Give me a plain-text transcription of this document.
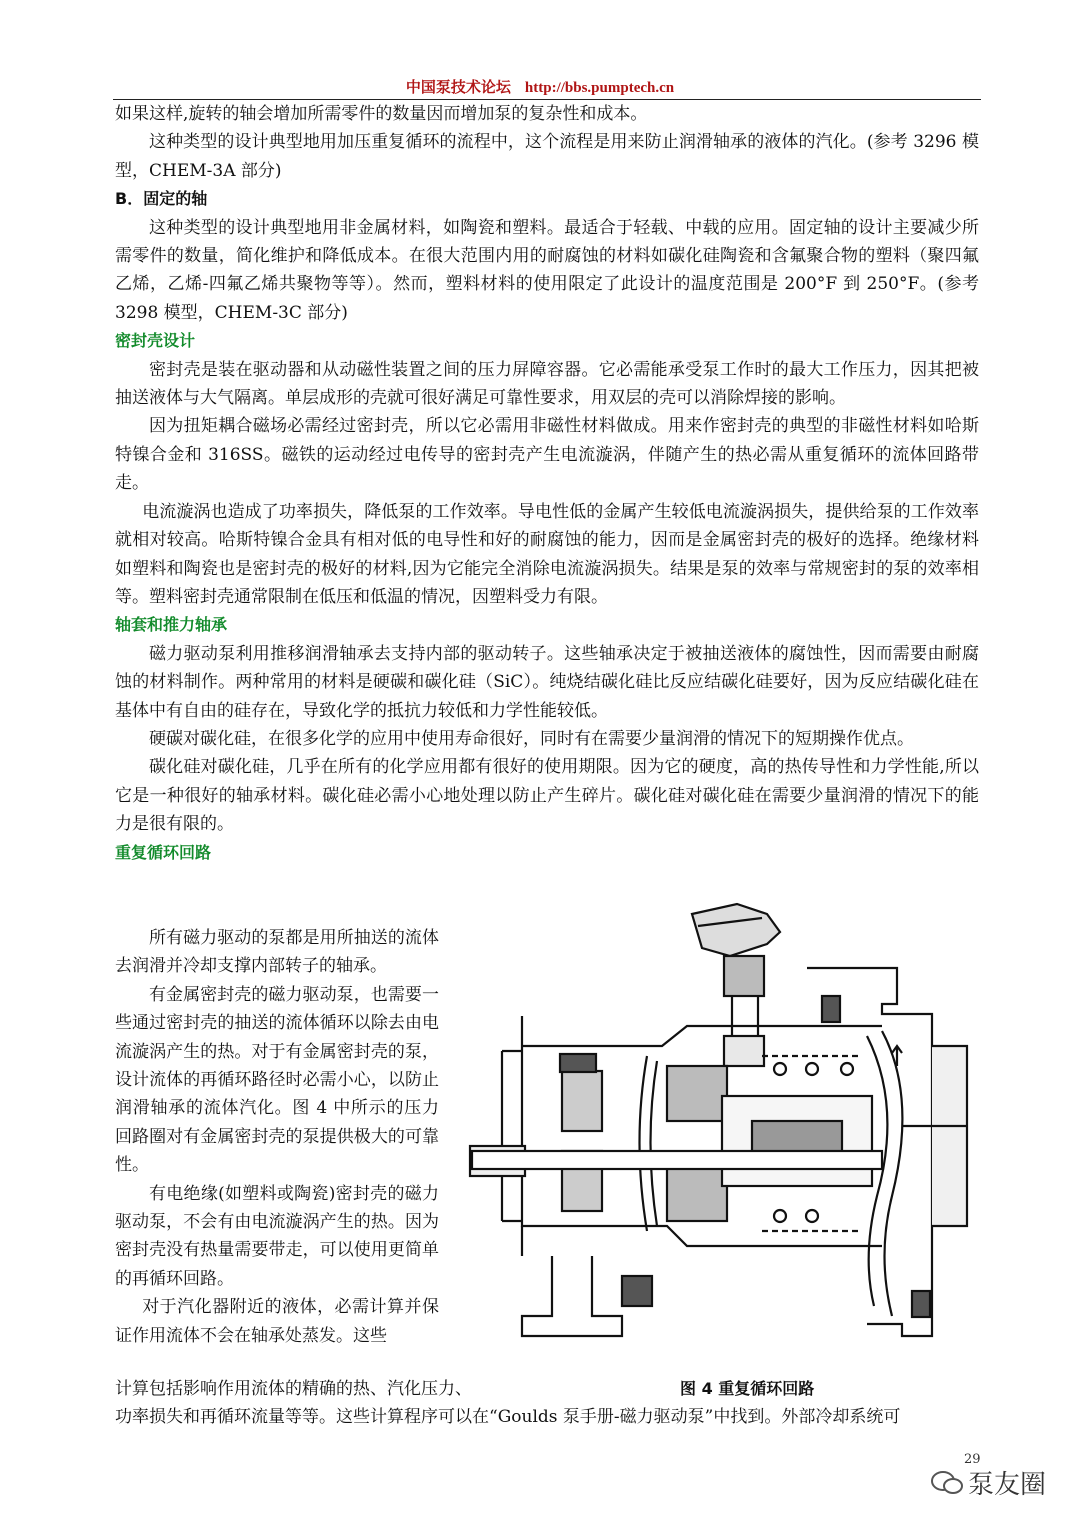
中国泵技术论坛 http://bbs.pumptech.cn

如果这样,旋转的轴会增加所需零件的数量因而增加泵的复杂性和成本。

这种类型的设计典型地用加压重复循环的流程中，这个流程是用来防止润滑轴承的液体的汽化。(参考 3296 模型，CHEM-3A 部分)

B．固定的轴

这种类型的设计典型地用非金属材料，如陶瓷和塑料。最适合于轻载、中载的应用。固定轴的设计主要减少所需零件的数量，简化维护和降低成本。在很大范围内用的耐腐蚀的材料如碳化硅陶瓷和含氟聚合物的塑料（聚四氟乙烯，乙烯-四氟乙烯共聚物等等）。然而，塑料材料的使用限定了此设计的温度范围是 200°F 到 250°F。(参考 3298 模型，CHEM-3C 部分)

密封壳设计

密封壳是装在驱动器和从动磁性装置之间的压力屏障容器。它必需能承受泵工作时的最大工作压力，因其把被抽送液体与大气隔离。单层成形的壳就可很好满足可靠性要求，用双层的壳可以消除焊接的影响。

因为扭矩耦合磁场必需经过密封壳，所以它必需用非磁性材料做成。用来作密封壳的典型的非磁性材料如哈斯特镍合金和 316SS。磁铁的运动经过电传导的密封壳产生电流漩涡，伴随产生的热必需从重复循环的流体回路带走。

电流漩涡也造成了功率损失，降低泵的工作效率。导电性低的金属产生较低电流漩涡损失，提供给泵的工作效率就相对较高。哈斯特镍合金具有相对低的电导性和好的耐腐蚀的能力，因而是金属密封壳的极好的选择。绝缘材料如塑料和陶瓷也是密封壳的极好的材料,因为它能完全消除电流漩涡损失。结果是泵的效率与常规密封的泵的效率相等。塑料密封壳通常限制在低压和低温的情况，因塑料受力有限。

轴套和推力轴承

磁力驱动泵利用推移润滑轴承去支持内部的驱动转子。这些轴承决定于被抽送液体的腐蚀性，因而需要由耐腐蚀的材料制作。两种常用的材料是硬碳和碳化硅（SiC）。纯烧结碳化硅比反应结碳化硅要好，因为反应结碳化硅在基体中有自由的硅存在，导致化学的抵抗力较低和力学性能较低。

硬碳对碳化硅，在很多化学的应用中使用寿命很好，同时有在需要少量润滑的情况下的短期操作优点。

碳化硅对碳化硅，几乎在所有的化学应用都有很好的使用期限。因为它的硬度，高的热传导性和力学性能,所以它是一种很好的轴承材料。碳化硅必需小心地处理以防止产生碎片。碳化硅对碳化硅在需要少量润滑的情况下的能力是很有限的。

重复循环回路

所有磁力驱动的泵都是用所抽送的流体去润滑并冷却支撑内部转子的轴承。

有金属密封壳的磁力驱动泵，也需要一些通过密封壳的抽送的流体循环以除去由电流漩涡产生的热。对于有金属密封壳的泵，设计流体的再循环路径时必需小心，以防止润滑轴承的流体汽化。图 4 中所示的压力回路圈对有金属密封壳的泵提供极大的可靠性。

有电绝缘(如塑料或陶瓷)密封壳的磁力驱动泵，不会有由电流漩涡产生的热。因为密封壳没有热量需要带走，可以使用更简单的再循环回路。

对于汽化器附近的液体，必需计算并保证作用流体不会在轴承处蒸发。这些

计算包括影响作用流体的精确的热、汽化压力、
功率损失和再循环流量等等。这些计算程序可以在“Goulds 泵手册-磁力驱动泵”中找到。外部冷却系统可
图 4 重复循环回路
29
泵友圈
